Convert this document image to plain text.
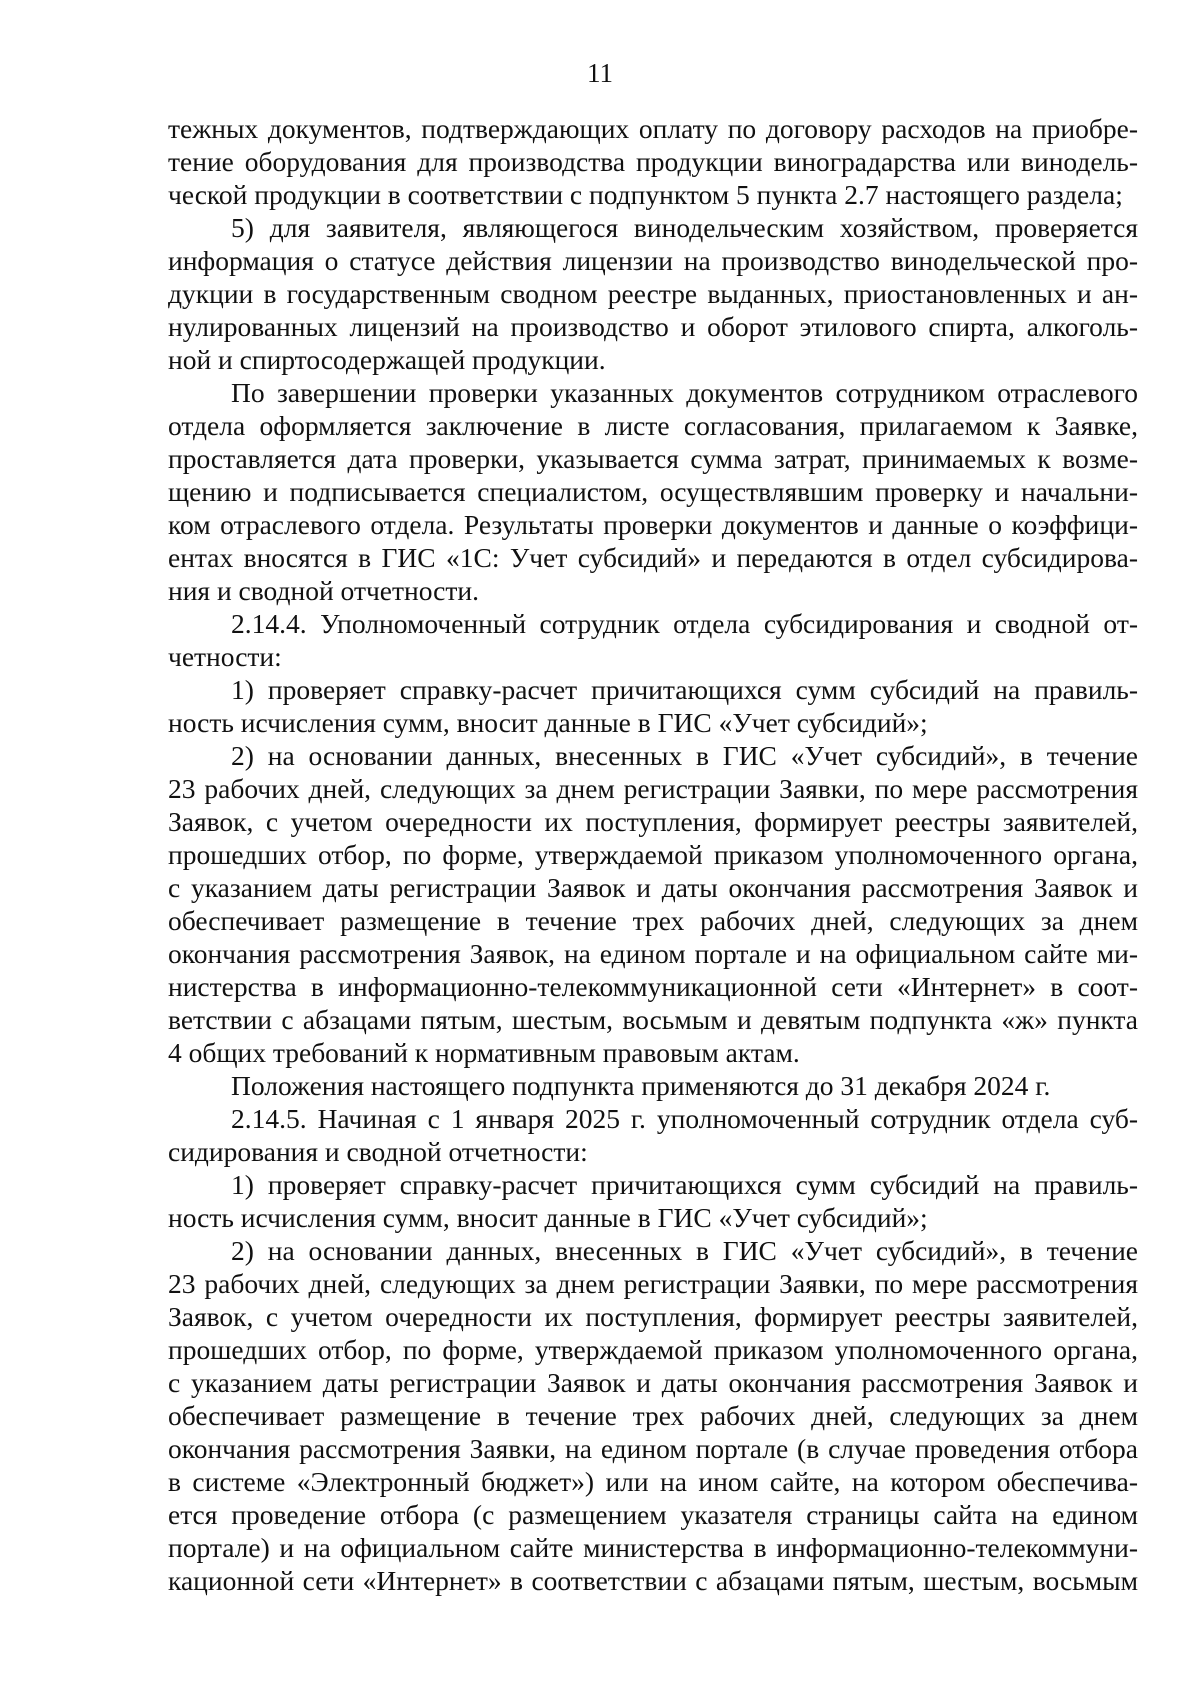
11
тежных документов, подтверждающих оплату по договору расходов на приобре-
тение оборудования для производства продукции виноградарства или винодель-
ческой продукции в соответствии с подпунктом 5 пункта 2.7 настоящего раздела;
5) для заявителя, являющегося винодельческим хозяйством, проверяется
информация о статусе действия лицензии на производство винодельческой про-
дукции в государственным сводном реестре выданных, приостановленных и ан-
нулированных лицензий на производство и оборот этилового спирта, алкоголь-
ной и спиртосодержащей продукции.
По завершении проверки указанных документов сотрудником отраслевого
отдела оформляется заключение в листе согласования, прилагаемом к Заявке,
проставляется дата проверки, указывается сумма затрат, принимаемых к возме-
щению и подписывается специалистом, осуществлявшим проверку и начальни-
ком отраслевого отдела. Результаты проверки документов и данные о коэффици-
ентах вносятся в ГИС «1С: Учет субсидий» и передаются в отдел субсидирова-
ния и сводной отчетности.
2.14.4. Уполномоченный сотрудник отдела субсидирования и сводной от-
четности:
1) проверяет справку-расчет причитающихся сумм субсидий на правиль-
ность исчисления сумм, вносит данные в ГИС «Учет субсидий»;
2) на основании данных, внесенных в ГИС «Учет субсидий», в течение
23 рабочих дней, следующих за днем регистрации Заявки, по мере рассмотрения
Заявок, с учетом очередности их поступления, формирует реестры заявителей,
прошедших отбор, по форме, утверждаемой приказом уполномоченного органа,
с указанием даты регистрации Заявок и даты окончания рассмотрения Заявок и
обеспечивает размещение в течение трех рабочих дней, следующих за днем
окончания рассмотрения Заявок, на едином портале и на официальном сайте ми-
нистерства в информационно-телекоммуникационной сети «Интернет» в соот-
ветствии с абзацами пятым, шестым, восьмым и девятым подпункта «ж» пункта
4 общих требований к нормативным правовым актам.
Положения настоящего подпункта применяются до 31 декабря 2024 г.
2.14.5. Начиная с 1 января 2025 г. уполномоченный сотрудник отдела суб-
сидирования и сводной отчетности:
1) проверяет справку-расчет причитающихся сумм субсидий на правиль-
ность исчисления сумм, вносит данные в ГИС «Учет субсидий»;
2) на основании данных, внесенных в ГИС «Учет субсидий», в течение
23 рабочих дней, следующих за днем регистрации Заявки, по мере рассмотрения
Заявок, с учетом очередности их поступления, формирует реестры заявителей,
прошедших отбор, по форме, утверждаемой приказом уполномоченного органа,
с указанием даты регистрации Заявок и даты окончания рассмотрения Заявок и
обеспечивает размещение в течение трех рабочих дней, следующих за днем
окончания рассмотрения Заявки, на едином портале (в случае проведения отбора
в системе «Электронный бюджет») или на ином сайте, на котором обеспечива-
ется проведение отбора (с размещением указателя страницы сайта на едином
портале) и на официальном сайте министерства в информационно-телекоммуни-
кационной сети «Интернет» в соответствии с абзацами пятым, шестым, восьмым
